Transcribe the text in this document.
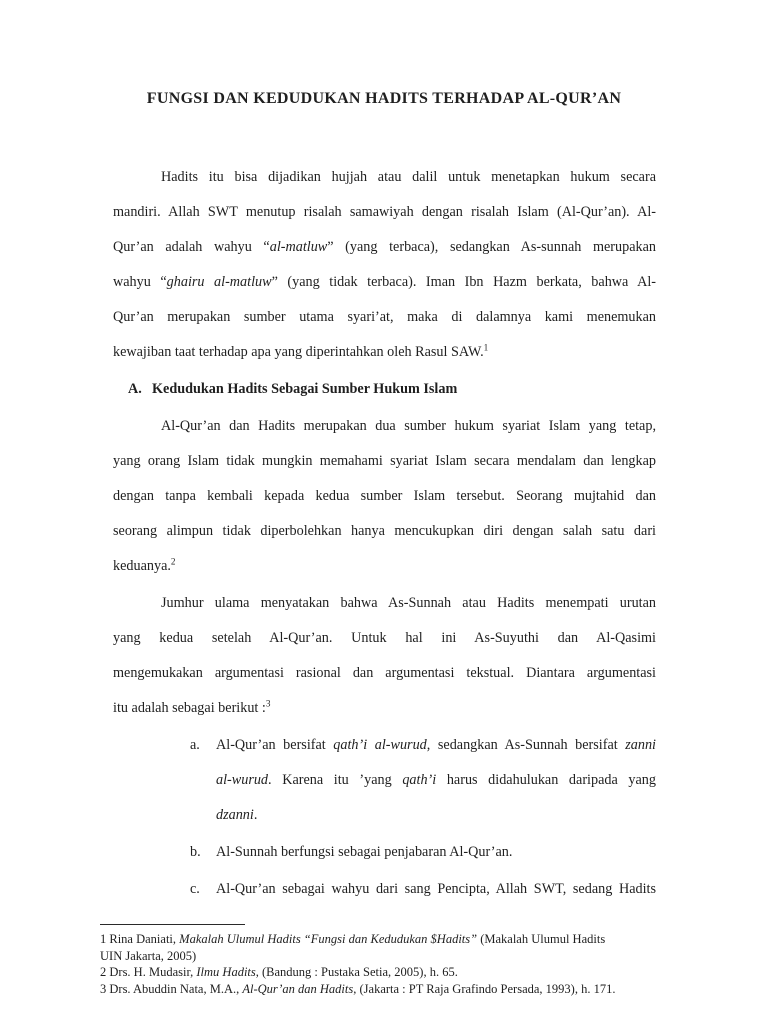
FUNGSI DAN KEDUDUKAN HADITS TERHADAP AL-QUR’AN
Hadits itu bisa dijadikan hujjah atau dalil untuk menetapkan hukum secara
mandiri. Allah SWT menutup risalah samawiyah dengan risalah Islam (Al-Qur’an). Al-
Qur’an adalah wahyu “al-matluw” (yang terbaca), sedangkan As-sunnah merupakan
wahyu “ghairu al-matluw” (yang tidak terbaca). Iman Ibn Hazm berkata, bahwa Al-
Qur’an merupakan sumber utama syari’at, maka di dalamnya kami menemukan
kewajiban taat terhadap apa yang diperintahkan oleh Rasul SAW.$^1$
A. Kedudukan Hadits Sebagai Sumber Hukum Islam
Al-Qur’an dan Hadits merupakan dua sumber hukum syariat Islam yang tetap,
yang orang Islam tidak mungkin memahami syariat Islam secara mendalam dan lengkap
dengan tanpa kembali kepada kedua sumber Islam tersebut. Seorang mujtahid dan
seorang alimpun tidak diperbolehkan hanya mencukupkan diri dengan salah satu dari
keduanya.$^2$
Jumhur ulama menyatakan bahwa As-Sunnah atau Hadits menempati urutan
yang kedua setelah Al-Qur’an. Untuk hal ini As-Suyuthi dan Al-Qasimi
mengemukakan argumentasi rasional dan argumentasi tekstual. Diantara argumentasi
itu adalah sebagai berikut :$^3$
a.	Al-Qur’an bersifat qath’i al-wurud, sedangkan As-Sunnah bersifat zanni
al-wurud. Karena itu ’yang qath’i harus didahulukan daripada yang
dzanni.
b.	Al-Sunnah berfungsi sebagai penjabaran Al-Qur’an.
c.	Al-Qur’an sebagai wahyu dari sang Pencipta, Allah SWT, sedang Hadits
1 Rina Daniati, Makalah Ulumul Hadits “Fungsi dan Kedudukan $Hadits” (Makalah Ulumul Hadits
UIN Jakarta, 2005)
2 Drs. H. Mudasir, Ilmu Hadits, (Bandung : Pustaka Setia, 2005), h. 65.
3 Drs. Abuddin Nata, M.A., Al-Qur’an dan Hadits, (Jakarta : PT Raja Grafindo Persada, 1993), h. 171.
